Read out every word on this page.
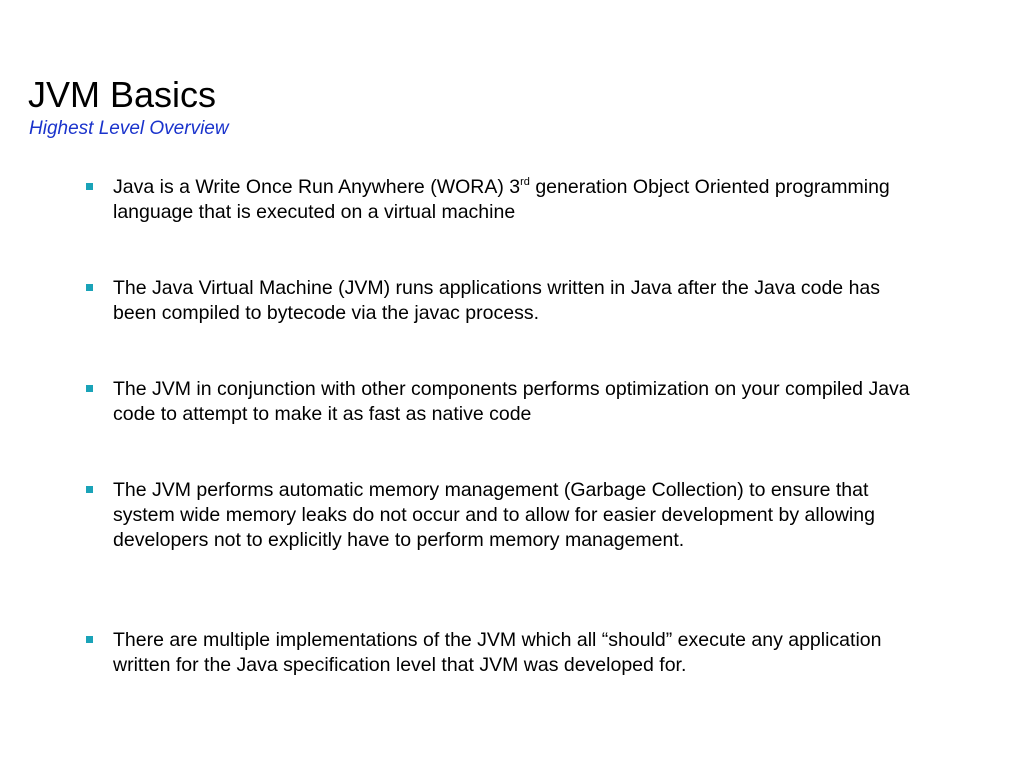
JVM Basics
Highest Level Overview
Java is a Write Once Run Anywhere (WORA) 3rd generation Object Oriented programming language that is executed on a virtual machine
The Java Virtual Machine (JVM) runs applications written in Java after the Java code has been compiled to bytecode via the javac process.
The JVM in conjunction with other components performs optimization on your compiled Java code to attempt to make it as fast as native code
The JVM performs automatic memory management (Garbage Collection) to ensure that system wide memory leaks do not occur and to allow for easier development by allowing developers not to explicitly have to perform memory management.
There are multiple implementations of the JVM which all “should” execute any application written for the Java specification level that JVM was developed for.
